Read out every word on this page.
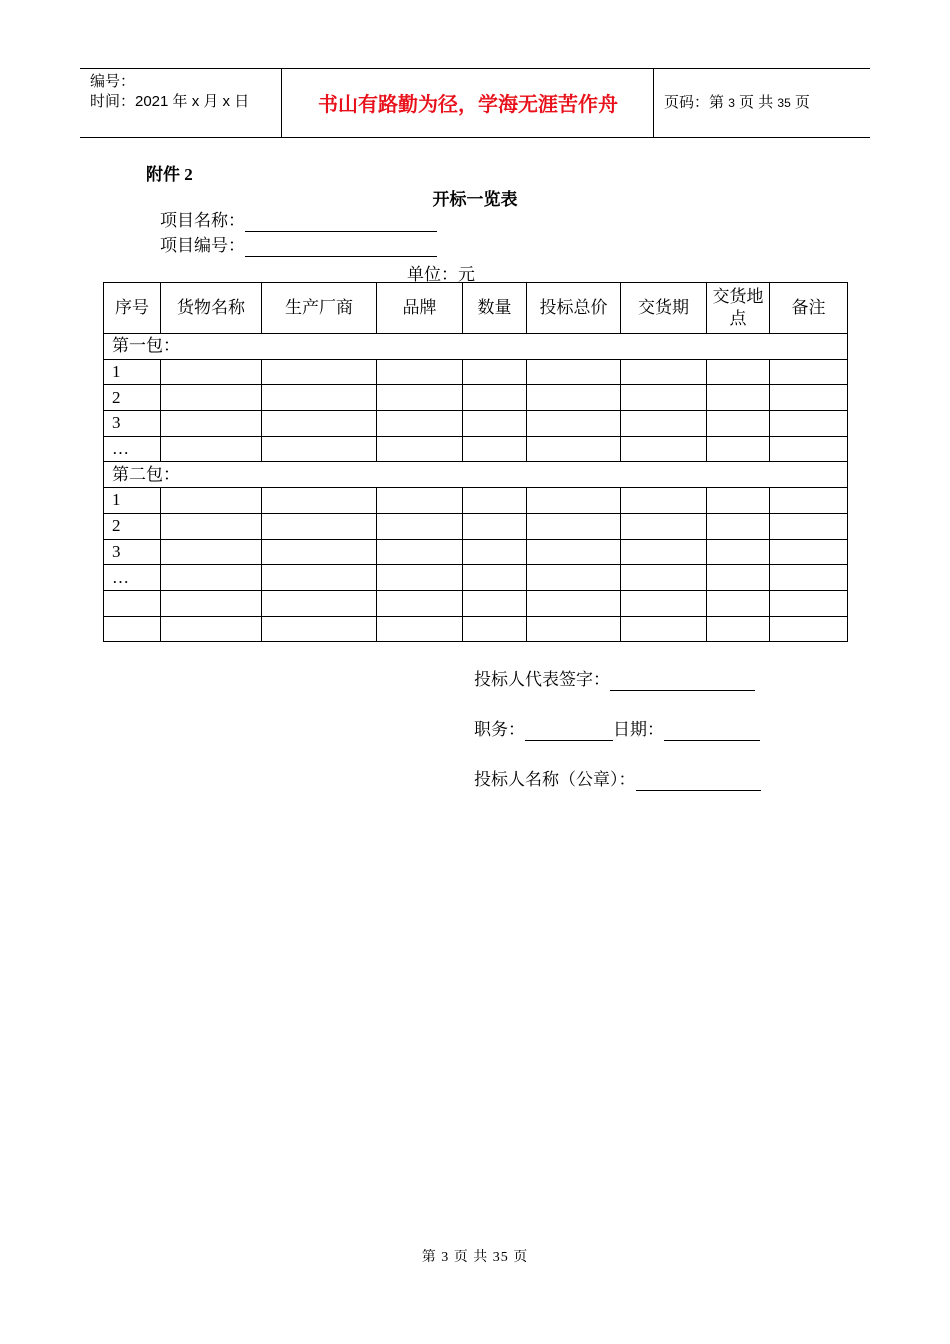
编号：
时间：2021 年 x 月 x 日	书山有路勤为径，学海无涯苦作舟	页码：第 3 页 共 35 页
附件 2
开标一览表
项目名称：
项目编号：
单位：元
序号	货物名称	生产厂商	品牌	数量	投标总价	交货期	交货地点	备注
第一包：								
1								
2								
3								
…								
第二包：								
1								
2								
3								
…								

投标人代表签字：
职务：	日期：
投标人名称（公章）：
第 3 页 共 35 页
